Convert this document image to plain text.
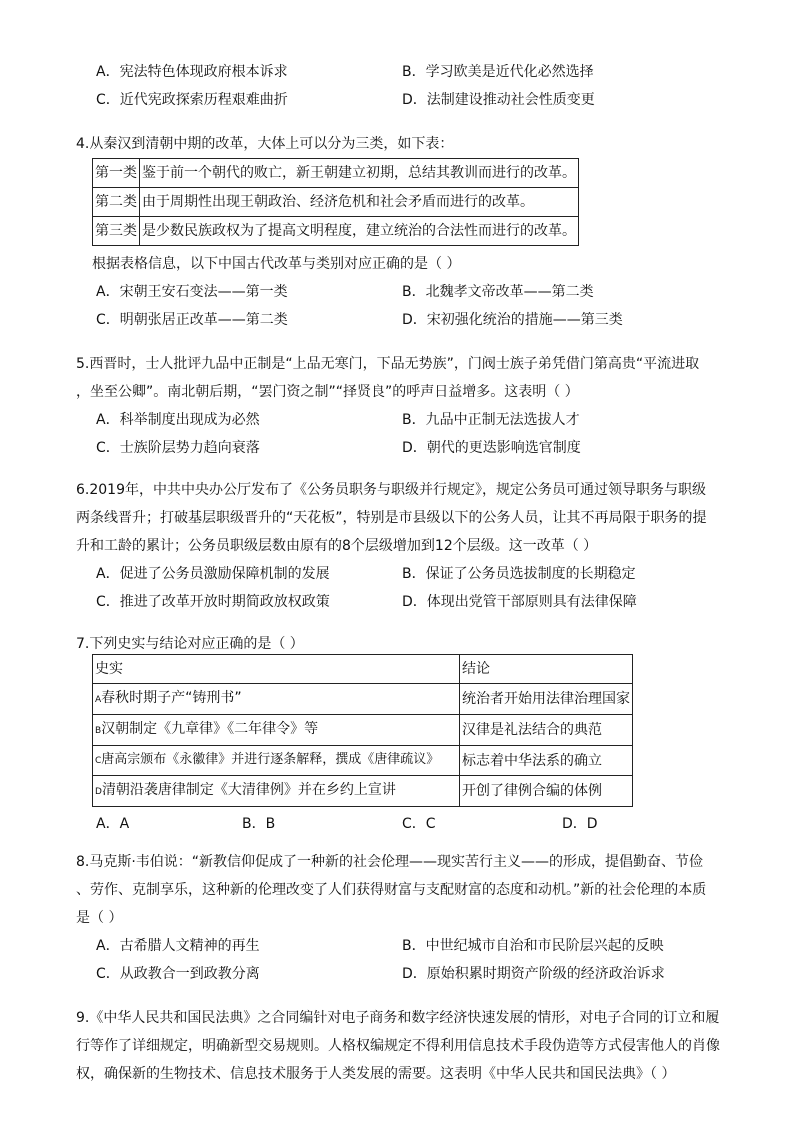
A．宪法特色体现政府根本诉求	B．学习欧美是近代化必然选择
C．近代宪政探索历程艰难曲折	D．法制建设推动社会性质变更

4.从秦汉到清朝中期的改革，大体上可以分为三类，如下表：

第一类	鉴于前一个朝代的败亡，新王朝建立初期，总结其教训而进行的改革。
第二类	由于周期性出现王朝政治、经济危机和社会矛盾而进行的改革。
第三类	是少数民族政权为了提高文明程度，建立统治的合法性而进行的改革。

根据表格信息，以下中国古代改革与类别对应正确的是（ ）

A．宋朝王安石变法——第一类	B．北魏孝文帝改革——第二类
C．明朝张居正改革——第二类	D．宋初强化统治的措施——第三类

5.西晋时，士人批评九品中正制是“上品无寒门，下品无势族”，门阀士族子弟凭借门第高贵“平流进取

，坐至公卿”。南北朝后期，“罢门资之制”“择贤良”的呼声日益增多。这表明（ ）

A．科举制度出现成为必然	B．九品中正制无法选拔人才
C．士族阶层势力趋向衰落	D．朝代的更迭影响选官制度

6.2019年，中共中央办公厅发布了《公务员职务与职级并行规定》，规定公务员可通过领导职务与职级

两条线晋升；打破基层职级晋升的“天花板”，特别是市县级以下的公务人员，让其不再局限于职务的提

升和工龄的累计；公务员职级层数由原有的8个层级增加到12个层级。这一改革（ ）

A．促进了公务员激励保障机制的发展	B．保证了公务员选拔制度的长期稳定
C．推进了改革开放时期简政放权政策	D．体现出党管干部原则具有法律保障

7.下列史实与结论对应正确的是（ ）

史实	结论
A春秋时期子产“铸刑书”	统治者开始用法律治理国家
B汉朝制定《九章律》《二年律令》等	汉律是礼法结合的典范
C唐高宗颁布《永徽律》并进行逐条解释，撰成《唐律疏议》	标志着中华法系的确立
D清朝沿袭唐律制定《大清律例》并在乡约上宣讲	开创了律例合编的体例
A．A	B．B	C．C	D．D

8.马克斯·韦伯说：“新教信仰促成了一种新的社会伦理——现实苦行主义——的形成，提倡勤奋、节俭

、劳作、克制享乐，这种新的伦理改变了人们获得财富与支配财富的态度和动机。”新的社会伦理的本质

是（ ）

A．古希腊人文精神的再生	B．中世纪城市自治和市民阶层兴起的反映
C．从政教合一到政教分离	D．原始积累时期资产阶级的经济政治诉求

9.《中华人民共和国民法典》之合同编针对电子商务和数字经济快速发展的情形，对电子合同的订立和履

行等作了详细规定，明确新型交易规则。人格权编规定不得利用信息技术手段伪造等方式侵害他人的肖像

权，确保新的生物技术、信息技术服务于人类发展的需要。这表明《中华人民共和国民法典》（ ）
